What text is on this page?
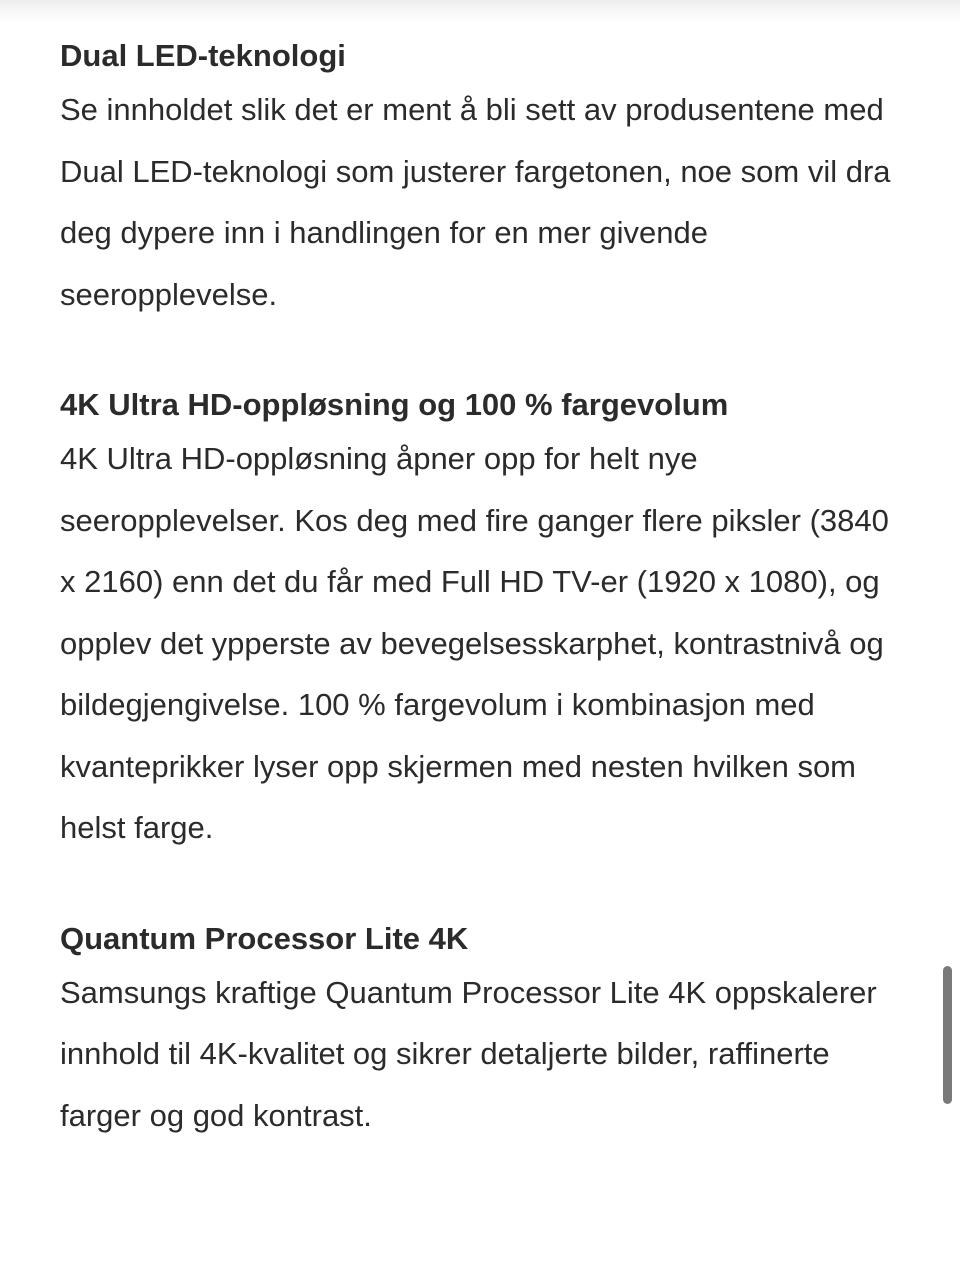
Dual LED-teknologi

Se innholdet slik det er ment å bli sett av produsentene med Dual LED-teknologi som justerer fargetonen, noe som vil dra deg dypere inn i handlingen for en mer givende seeropplevelse.

4K Ultra HD-oppløsning og 100 % fargevolum

4K Ultra HD-oppløsning åpner opp for helt nye seeropplevelser. Kos deg med fire ganger flere piksler (3840 x 2160) enn det du får med Full HD TV-er (1920 x 1080), og opplev det ypperste av bevegelsesskarphet, kontrastnivå og bildegjengivelse. 100 % fargevolum i kombinasjon med kvanteprikker lyser opp skjermen med nesten hvilken som helst farge.

Quantum Processor Lite 4K

Samsungs kraftige Quantum Processor Lite 4K oppskalerer innhold til 4K-kvalitet og sikrer detaljerte bilder, raffinerte farger og god kontrast.
